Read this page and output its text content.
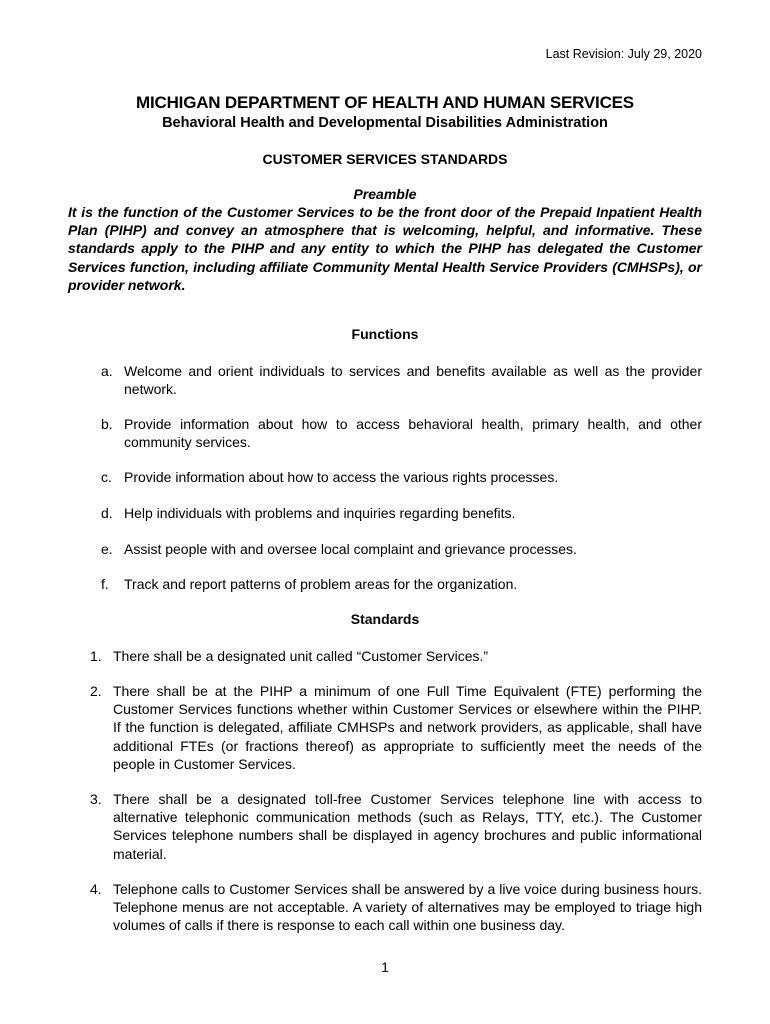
Last Revision: July 29, 2020
MICHIGAN DEPARTMENT OF HEALTH AND HUMAN SERVICES
Behavioral Health and Developmental Disabilities Administration
CUSTOMER SERVICES STANDARDS
Preamble
It is the function of the Customer Services to be the front door of the Prepaid Inpatient Health Plan (PIHP) and convey an atmosphere that is welcoming, helpful, and informative. These standards apply to the PIHP and any entity to which the PIHP has delegated the Customer Services function, including affiliate Community Mental Health Service Providers (CMHSPs), or provider network.
Functions
a. Welcome and orient individuals to services and benefits available as well as the provider network.
b. Provide information about how to access behavioral health, primary health, and other community services.
c. Provide information about how to access the various rights processes.
d. Help individuals with problems and inquiries regarding benefits.
e. Assist people with and oversee local complaint and grievance processes.
f. Track and report patterns of problem areas for the organization.
Standards
1. There shall be a designated unit called “Customer Services.”
2. There shall be at the PIHP a minimum of one Full Time Equivalent (FTE) performing the Customer Services functions whether within Customer Services or elsewhere within the PIHP. If the function is delegated, affiliate CMHSPs and network providers, as applicable, shall have additional FTEs (or fractions thereof) as appropriate to sufficiently meet the needs of the people in Customer Services.
3. There shall be a designated toll-free Customer Services telephone line with access to alternative telephonic communication methods (such as Relays, TTY, etc.). The Customer Services telephone numbers shall be displayed in agency brochures and public informational material.
4. Telephone calls to Customer Services shall be answered by a live voice during business hours. Telephone menus are not acceptable. A variety of alternatives may be employed to triage high volumes of calls if there is response to each call within one business day.
1
